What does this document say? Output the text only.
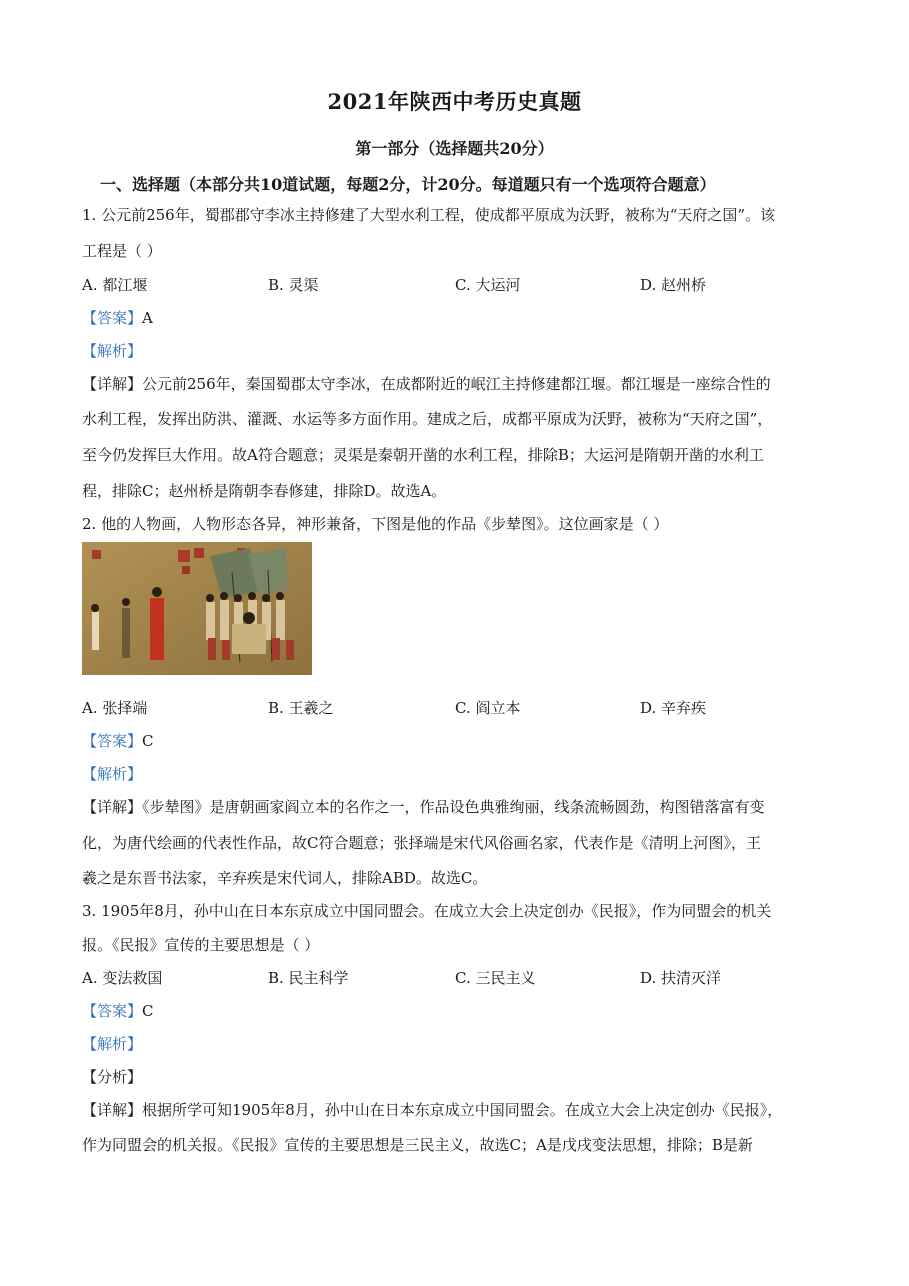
2021年陕西中考历史真题
第一部分（选择题共20分）
一、选择题（本部分共10道试题，每题2分，计20分。每道题只有一个选项符合题意）
1. 公元前256年，蜀郡郡守李冰主持修建了大型水利工程，使成都平原成为沃野，被称为“天府之国”。该
工程是（ ）
A. 都江堰	B. 灵渠	C. 大运河	D. 赵州桥
【答案】A
【解析】
【详解】公元前256年，秦国蜀郡太守李冰，在成都附近的岷江主持修建都江堰。都江堰是一座综合性的
水利工程，发挥出防洪、灌溉、水运等多方面作用。建成之后，成都平原成为沃野，被称为“天府之国”，
至今仍发挥巨大作用。故A符合题意；灵渠是秦朝开凿的水利工程，排除B；大运河是隋朝开凿的水利工
程，排除C；赵州桥是隋朝李春修建，排除D。故选A。
2. 他的人物画，人物形态各异，神形兼备，下图是他的作品《步辇图》。这位画家是（ ）
A. 张择端	B. 王羲之	C. 阎立本	D. 辛弃疾
【答案】C
【解析】
【详解】《步辇图》是唐朝画家阎立本的名作之一，作品设色典雅绚丽，线条流畅圆劲，构图错落富有变
化，为唐代绘画的代表性作品，故C符合题意；张择端是宋代风俗画名家，代表作是《清明上河图》，王
羲之是东晋书法家，辛弃疾是宋代词人，排除ABD。故选C。
3. 1905年8月，孙中山在日本东京成立中国同盟会。在成立大会上决定创办《民报》，作为同盟会的机关
报。《民报》宣传的主要思想是（ ）
A. 变法救国	B. 民主科学	C. 三民主义	D. 扶清灭洋
【答案】C
【解析】
【分析】
【详解】根据所学可知1905年8月，孙中山在日本东京成立中国同盟会。在成立大会上决定创办《民报》，
作为同盟会的机关报。《民报》宣传的主要思想是三民主义，故选C；A是戊戌变法思想，排除；B是新
